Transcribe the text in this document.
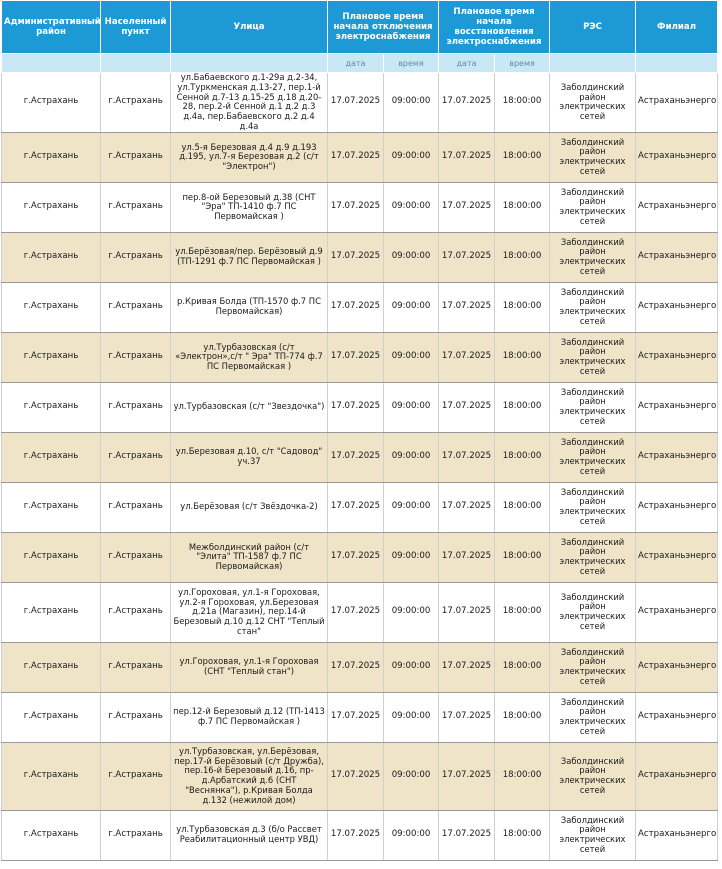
Административный район	Населенный пункт	Улица	Плановое время начала отключения электроснабжения		Плановое время начала восстановления электроснабжения		РЭС	Филиал
			дата	время	дата	время		
г.Астрахань	г.Астрахань	ул.Бабаевского д.1-29а д.2-34, ул.Туркменская д.13-27, пер.1-й Сенной д.7-13 д.15-25 д.18 д.20-28, пер.2-й Сенной д.1 д.2 д.3 д.4а, пер.Бабаевского д.2 д.4 д.4а	17.07.2025	09:00:00	17.07.2025	18:00:00	Заболдинский район электрических сетей	Астраханьэнерго
г.Астрахань	г.Астрахань	ул.5-я Березовая д.4 д.9 д.193 д.195, ул.7-я Березовая д.2 (с/т "Электрон")	17.07.2025	09:00:00	17.07.2025	18:00:00	Заболдинский район электрических сетей	Астраханьэнерго
г.Астрахань	г.Астрахань	пер.8-ой Березовый д.38 (СНТ "Эра" ТП-1410 ф.7 ПС Первомайская )	17.07.2025	09:00:00	17.07.2025	18:00:00	Заболдинский район электрических сетей	Астраханьэнерго
г.Астрахань	г.Астрахань	ул.Берёзовая/пер. Берёзовый д.9 (ТП-1291 ф.7 ПС Первомайская )	17.07.2025	09:00:00	17.07.2025	18:00:00	Заболдинский район электрических сетей	Астраханьэнерго
г.Астрахань	г.Астрахань	р.Кривая Болда (ТП-1570 ф.7 ПС Первомайская)	17.07.2025	09:00:00	17.07.2025	18:00:00	Заболдинский район электрических сетей	Астраханьэнерго
г.Астрахань	г.Астрахань	ул.Турбазовская (с/т «Электрон»,с/т " Эра" ТП-774 ф.7 ПС Первомайская )	17.07.2025	09:00:00	17.07.2025	18:00:00	Заболдинский район электрических сетей	Астраханьэнерго
г.Астрахань	г.Астрахань	ул.Турбазовская (с/т "Звездочка")	17.07.2025	09:00:00	17.07.2025	18:00:00	Заболдинский район электрических сетей	Астраханьэнерго
г.Астрахань	г.Астрахань	ул.Березовая д.10, с/т "Садовод" уч.37	17.07.2025	09:00:00	17.07.2025	18:00:00	Заболдинский район электрических сетей	Астраханьэнерго
г.Астрахань	г.Астрахань	ул.Берёзовая (с/т Звёздочка-2)	17.07.2025	09:00:00	17.07.2025	18:00:00	Заболдинский район электрических сетей	Астраханьэнерго
г.Астрахань	г.Астрахань	Межболдинский район (с/т "Элита" ТП-1587 ф.7 ПС Первомайская)	17.07.2025	09:00:00	17.07.2025	18:00:00	Заболдинский район электрических сетей	Астраханьэнерго
г.Астрахань	г.Астрахань	ул.Гороховая, ул.1-я Гороховая, ул.2-я Гороховая, ул.Березовая д.21а (Магазин), пер.14-й Березовый д.10 д.12 СНТ "Теплый стан"	17.07.2025	09:00:00	17.07.2025	18:00:00	Заболдинский район электрических сетей	Астраханьэнерго
г.Астрахань	г.Астрахань	ул.Гороховая, ул.1-я Гороховая (СНТ "Теплый стан")	17.07.2025	09:00:00	17.07.2025	18:00:00	Заболдинский район электрических сетей	Астраханьэнерго
г.Астрахань	г.Астрахань	пер.12-й Березовый д.12 (ТП-1413 ф.7 ПС Первомайская )	17.07.2025	09:00:00	17.07.2025	18:00:00	Заболдинский район электрических сетей	Астраханьэнерго
г.Астрахань	г.Астрахань	ул.Турбазовская, ул.Берёзовая, пер.17-й Берёзовый (с/т Дружба), пер.16-й Березовый д.16, пр-д.Арбатский д.6 (СНТ "Веснянка"), р.Кривая Болда д.132 (нежилой дом)	17.07.2025	09:00:00	17.07.2025	18:00:00	Заболдинский район электрических сетей	Астраханьэнерго
г.Астрахань	г.Астрахань	ул.Турбазовская д.3 (б/о Рассвет Реабилитационный центр УВД)	17.07.2025	09:00:00	17.07.2025	18:00:00	Заболдинский район электрических сетей	Астраханьэнерго
